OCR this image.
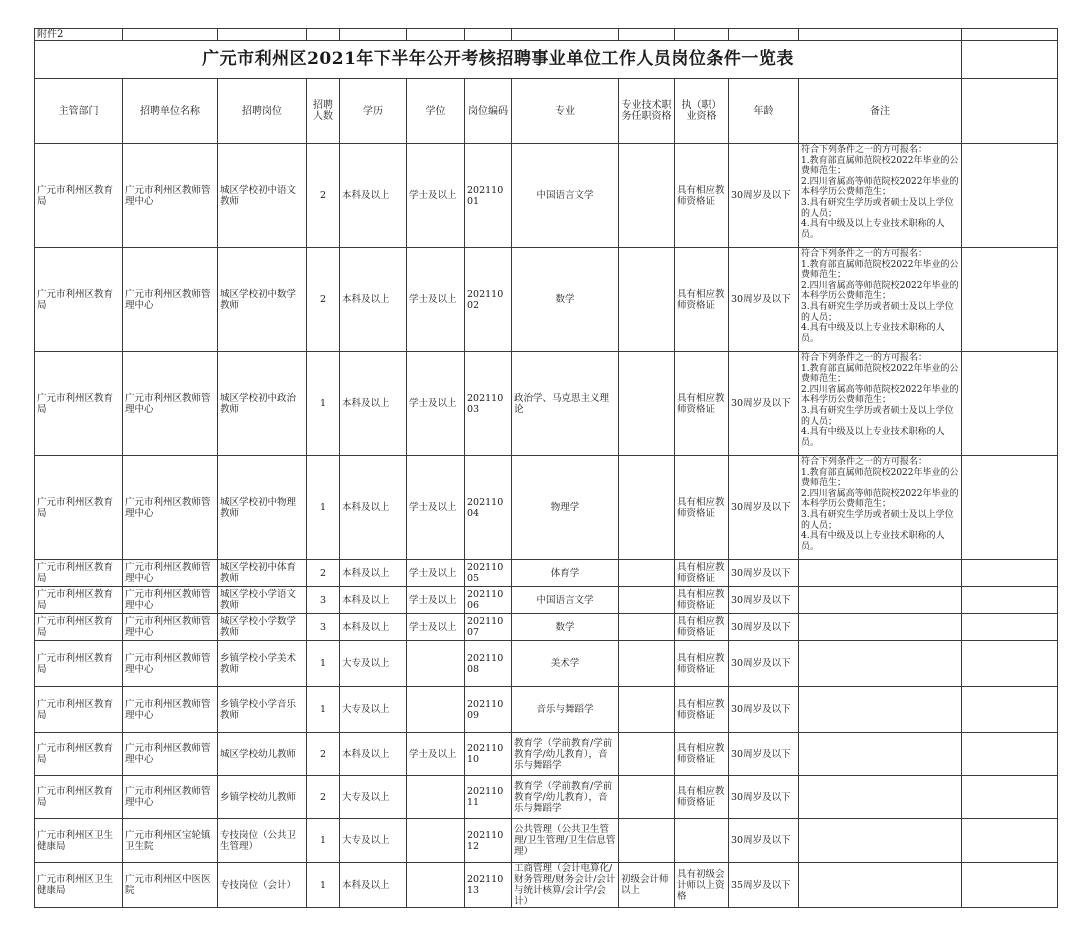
附件2												
广元市利州区2021年下半年公开考核招聘事业单位工作人员岗位条件一览表												
主管部门	招聘单位名称	招聘岗位	招聘人数	学历	学位	岗位编码	专业	专业技术职务任职资格	执（职）业资格	年龄	备注	
广元市利州区教育局	广元市利州区教师管理中心	城区学校初中语文教师	2	本科及以上	学士及以上	20211001	中国语言文学		具有相应教师资格证	30周岁及以下	符合下列条件之一的方可报名：
1.教育部直属师范院校2022年毕业的公费师范生；
2.四川省属高等师范院校2022年毕业的本科学历公费师范生；
3.具有研究生学历或者硕士及以上学位的人员；
4.具有中级及以上专业技术职称的人员。	

广元市利州区教育局	广元市利州区教师管理中心	城区学校初中数学教师	2	本科及以上	学士及以上	20211002	数学		具有相应教师资格证	30周岁及以下	符合下列条件之一的方可报名：
1.教育部直属师范院校2022年毕业的公费师范生；
2.四川省属高等师范院校2022年毕业的本科学历公费师范生；
3.具有研究生学历或者硕士及以上学位的人员；
4.具有中级及以上专业技术职称的人员。	

广元市利州区教育局	广元市利州区教师管理中心	城区学校初中政治教师	1	本科及以上	学士及以上	20211003	政治学、马克思主义理论		具有相应教师资格证	30周岁及以下	符合下列条件之一的方可报名：
1.教育部直属师范院校2022年毕业的公费师范生；
2.四川省属高等师范院校2022年毕业的本科学历公费师范生；
3.具有研究生学历或者硕士及以上学位的人员；
4.具有中级及以上专业技术职称的人员。	

广元市利州区教育局	广元市利州区教师管理中心	城区学校初中物理教师	1	本科及以上	学士及以上	20211004	物理学		具有相应教师资格证	30周岁及以下	符合下列条件之一的方可报名：
1.教育部直属师范院校2022年毕业的公费师范生；
2.四川省属高等师范院校2022年毕业的本科学历公费师范生；
3.具有研究生学历或者硕士及以上学位的人员；
4.具有中级及以上专业技术职称的人员。	

广元市利州区教育局	广元市利州区教师管理中心	城区学校初中体育教师	2	本科及以上	学士及以上	20211005	体育学		具有相应教师资格证	30周岁及以下		
广元市利州区教育局	广元市利州区教师管理中心	城区学校小学语文教师	3	本科及以上	学士及以上	20211006	中国语言文学		具有相应教师资格证	30周岁及以下		
广元市利州区教育局	广元市利州区教师管理中心	城区学校小学数学教师	3	本科及以上	学士及以上	20211007	数学		具有相应教师资格证	30周岁及以下		
广元市利州区教育局	广元市利州区教师管理中心	乡镇学校小学美术教师	1	大专及以上		20211008	美术学		具有相应教师资格证	30周岁及以下		
广元市利州区教育局	广元市利州区教师管理中心	乡镇学校小学音乐教师	1	大专及以上		20211009	音乐与舞蹈学		具有相应教师资格证	30周岁及以下		
广元市利州区教育局	广元市利州区教师管理中心	城区学校幼儿教师	2	本科及以上	学士及以上	20211010	教育学（学前教育/学前教育学/幼儿教育），音乐与舞蹈学		具有相应教师资格证	30周岁及以下		
广元市利州区教育局	广元市利州区教师管理中心	乡镇学校幼儿教师	2	大专及以上		20211011	教育学（学前教育/学前教育学/幼儿教育），音乐与舞蹈学		具有相应教师资格证	30周岁及以下		
广元市利州区卫生健康局	广元市利州区宝轮镇卫生院	专技岗位（公共卫生管理）	1	大专及以上		20211012	公共管理（公共卫生管理/卫生管理/卫生信息管理）			30周岁及以下		
广元市利州区卫生健康局	广元市利州区中医医院	专技岗位（会计）	1	本科及以上		20211013	工商管理（会计电算化/财务管理/财务会计/会计与统计核算/会计学/会计）	初级会计师以上	具有初级会计师以上资格	35周岁及以下		
